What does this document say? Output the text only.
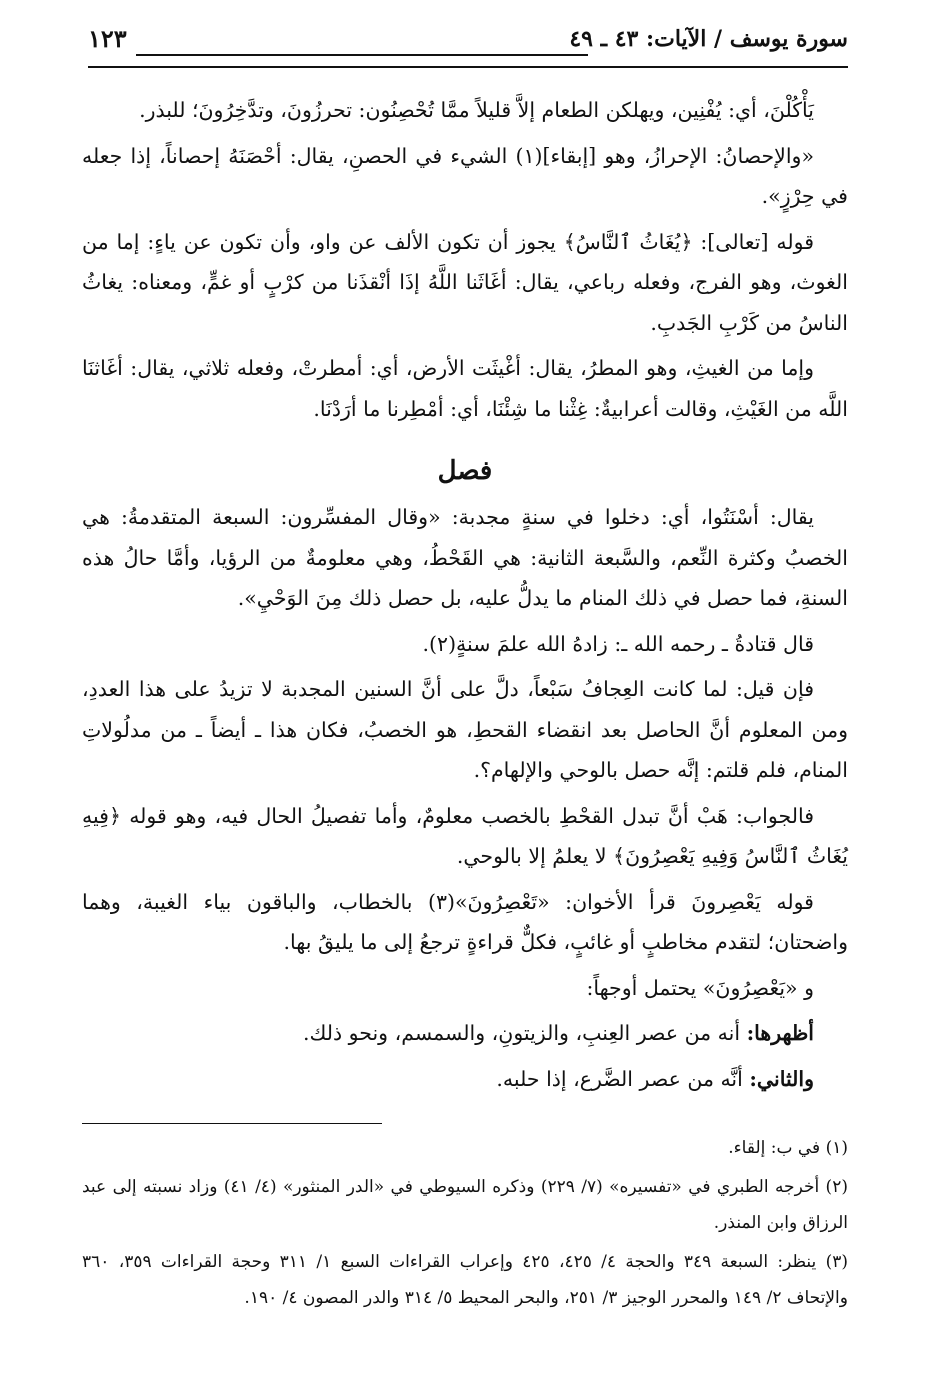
سورة يوسف / الآيات: ٤٣ ـ ٤٩
١٢٣

يَأْكُلْنَ، أي: يُفْنِين، ويهلكن الطعام إلاَّ قليلاً ممَّا تُحْصِنُون: تحرزُونَ، وتدَّخِرُونَ؛ للبذر.

«والإحصانُ: الإحرازُ، وهو [إبقاء](١) الشيء في الحصنِ، يقال: أحْصَنَهُ إحصاناً، إذا جعله في حِرْزٍ».

قوله [تعالى]: ﴿يُغَاثُ ٱلنَّاسُ﴾ يجوز أن تكون الألف عن واو، وأن تكون عن ياءٍ: إما من الغوث، وهو الفرج، وفعله رباعي، يقال: أغَاثَنا اللَّهُ إذَا أنْقذَنا من كرْبٍ أو غمٍّ، ومعناه: يغاثُ الناسُ من كَرْبِ الجَدبِ.

وإما من الغيثِ، وهو المطرُ، يقال: أغْيثَت الأرض، أي: أمطرتْ، وفعله ثلاثي، يقال: أغَاثنَا اللَّه من الغَيْثِ، وقالت أعرابيةٌ: غِثْنا ما شِئْنَا، أي: أمْطِرنا ما أرَدْنَا.

فصل

يقال: أسْنَتُوا، أي: دخلوا في سنةٍ مجدبة: «وقال المفسِّرون: السبعة المتقدمةُ: هي الخصبُ وكثرة النِّعم، والسَّبعة الثانية: هي القَحْطُ، وهي معلومةٌ من الرؤيا، وأمَّا حالُ هذه السنةِ، فما حصل في ذلك المنام ما يدلُّ عليه، بل حصل ذلك مِنَ الوَحْيِ».

قال قتادةُ ـ رحمه الله ـ: زادهُ الله علمَ سنةٍ(٢).

فإن قيل: لما كانت العِجافُ سَبْعاً، دلَّ على أنَّ السنين المجدبة لا تزيدُ على هذا العددِ، ومن المعلوم أنَّ الحاصل بعد انقضاء القحطِ، هو الخصبُ، فكان هذا ـ أيضاً ـ من مدلُولاتِ المنام، فلم قلتم: إنَّه حصل بالوحي والإلهام؟.

فالجواب: هَبْ أنَّ تبدل القحْطِ بالخصب معلومٌ، وأما تفصيلُ الحال فيه، وهو قوله ﴿فِيهِ يُغَاثُ ٱلنَّاسُ وَفِيهِ يَعْصِرُونَ﴾ لا يعلمُ إلا بالوحي.

قوله يَعْصِرونَ قرأ الأخوان: «تَعْصِرُونَ»(٣) بالخطاب، والباقون بياء الغيبة، وهما واضحتان؛ لتقدم مخاطبٍ أو غائبٍ، فكلٌّ قراءةٍ ترجعُ إلى ما يليقُ بها.

و «يَعْصِرُونَ» يحتمل أوجهاً:

أظهرها: أنه من عصر العِنبِ، والزيتونِ، والسمسم، ونحو ذلك.

والثاني: أنَّه من عصر الضَّرع، إذا حلبه.

(١) في ب: إلقاء.

(٢) أخرجه الطبري في «تفسيره» (٧/ ٢٢٩) وذكره السيوطي في «الدر المنثور» (٤/ ٤١) وزاد نسبته إلى عبد الرزاق وابن المنذر.

(٣) ينظر: السبعة ٣٤٩ والحجة ٤/ ٤٢٥، ٤٢٥ وإعراب القراءات السبع ١/ ٣١١ وحجة القراءات ٣٥٩، ٣٦٠ والإتحاف ٢/ ١٤٩ والمحرر الوجيز ٣/ ٢٥١، والبحر المحيط ٥/ ٣١٤ والدر المصون ٤/ ١٩٠.
